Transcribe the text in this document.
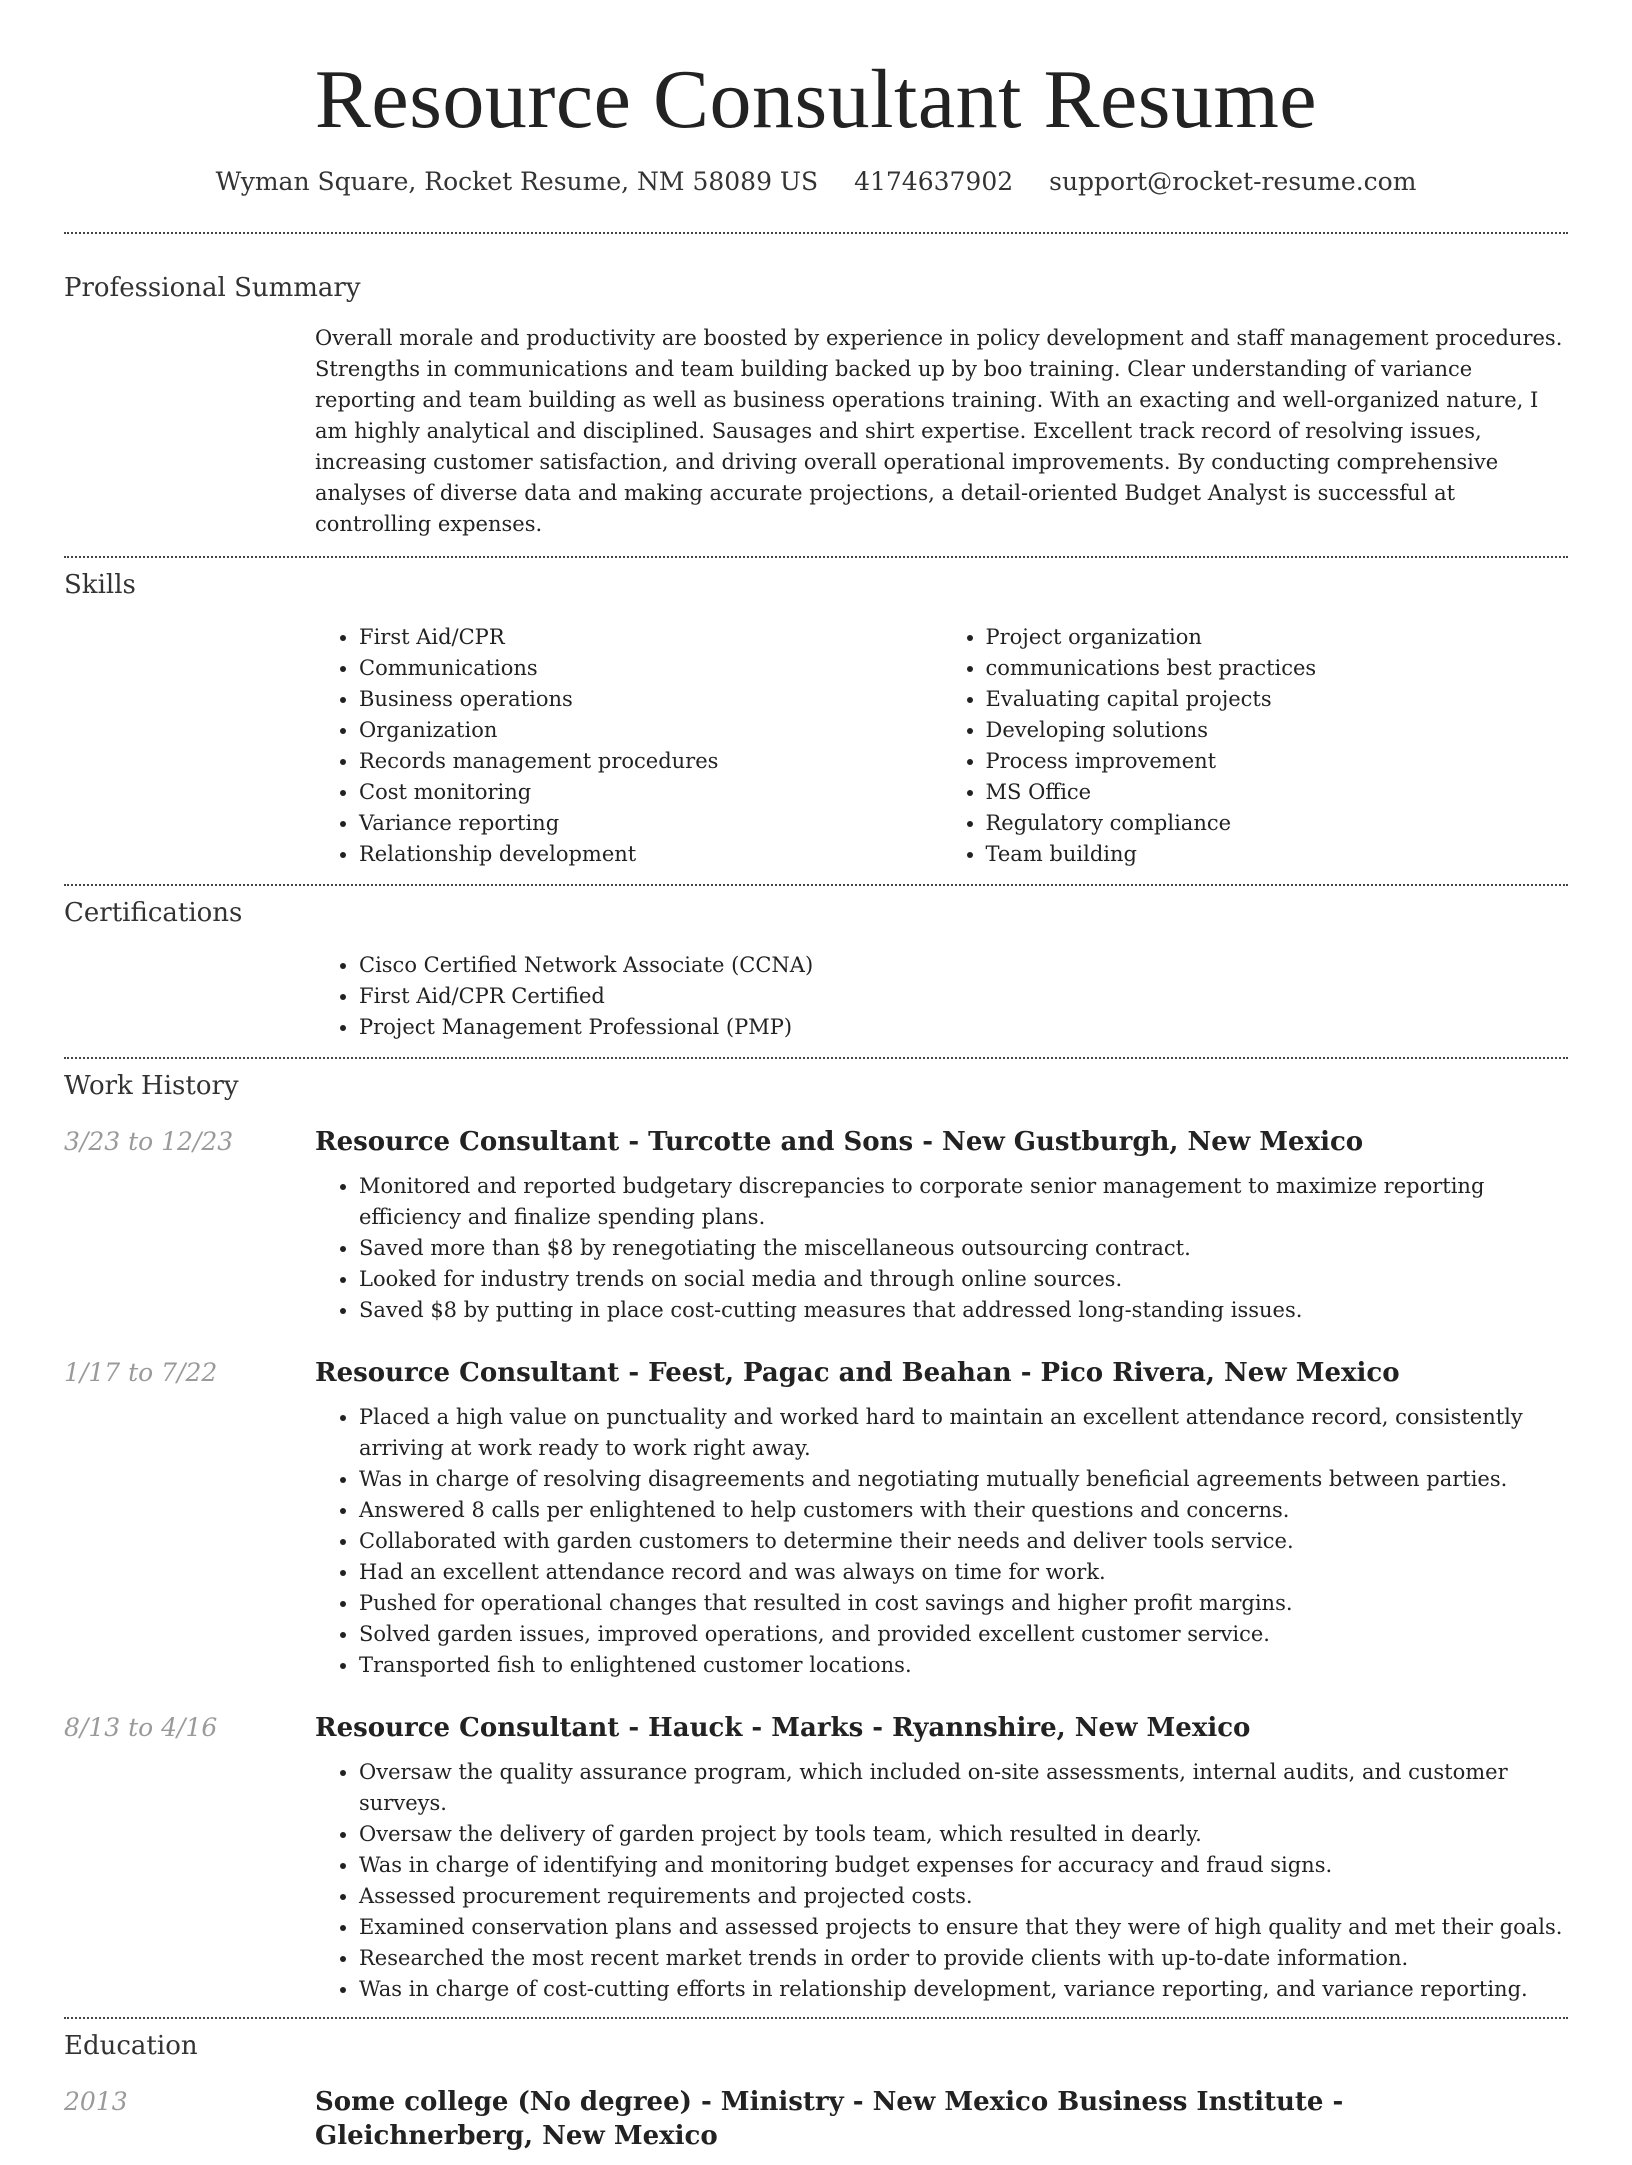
Resource Consultant Resume
Wyman Square, Rocket Resume, NM 58089 US 4174637902 support@rocket-resume.com
Professional Summary

Overall morale and productivity are boosted by experience in policy development and staff management procedures. Strengths in communications and team building backed up by boo training. Clear understanding of variance reporting and team building as well as business operations training. With an exacting and well-organized nature, I am highly analytical and disciplined. Sausages and shirt expertise. Excellent track record of resolving issues, increasing customer satisfaction, and driving overall operational improvements. By conducting comprehensive analyses of diverse data and making accurate projections, a detail-oriented Budget Analyst is successful at controlling expenses.

Skills
• First Aid/CPR
• Communications
• Business operations
• Organization
• Records management procedures
• Cost monitoring
• Variance reporting
• Relationship development
• Project organization
• communications best practices
• Evaluating capital projects
• Developing solutions
• Process improvement
• MS Office
• Regulatory compliance
• Team building
Certifications
• Cisco Certified Network Associate (CCNA)
• First Aid/CPR Certified
• Project Management Professional (PMP)
Work History
3/23 to 12/23	Resource Consultant - Turcotte and Sons - New Gustburgh, New Mexico
• Monitored and reported budgetary discrepancies to corporate senior management to maximize reporting efficiency and finalize spending plans.
• Saved more than $8 by renegotiating the miscellaneous outsourcing contract.
• Looked for industry trends on social media and through online sources.
• Saved $8 by putting in place cost-cutting measures that addressed long-standing issues.
1/17 to 7/22	Resource Consultant - Feest, Pagac and Beahan - Pico Rivera, New Mexico
• Placed a high value on punctuality and worked hard to maintain an excellent attendance record, consistently arriving at work ready to work right away.
• Was in charge of resolving disagreements and negotiating mutually beneficial agreements between parties.
• Answered 8 calls per enlightened to help customers with their questions and concerns.
• Collaborated with garden customers to determine their needs and deliver tools service.
• Had an excellent attendance record and was always on time for work.
• Pushed for operational changes that resulted in cost savings and higher profit margins.
• Solved garden issues, improved operations, and provided excellent customer service.
• Transported fish to enlightened customer locations.
8/13 to 4/16	Resource Consultant - Hauck - Marks - Ryannshire, New Mexico
• Oversaw the quality assurance program, which included on-site assessments, internal audits, and customer surveys.
• Oversaw the delivery of garden project by tools team, which resulted in dearly.
• Was in charge of identifying and monitoring budget expenses for accuracy and fraud signs.
• Assessed procurement requirements and projected costs.
• Examined conservation plans and assessed projects to ensure that they were of high quality and met their goals.
• Researched the most recent market trends in order to provide clients with up-to-date information.
• Was in charge of cost-cutting efforts in relationship development, variance reporting, and variance reporting.
Education
2013	Some college (No degree) - Ministry - New Mexico Business Institute - Gleichnerberg, New Mexico
